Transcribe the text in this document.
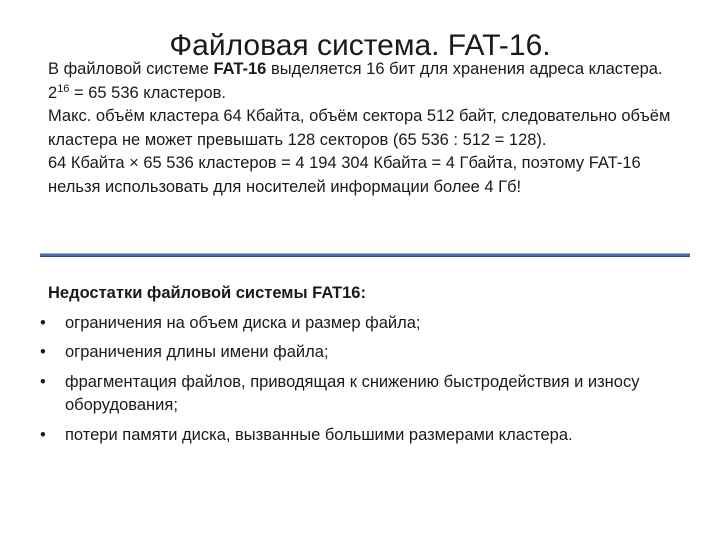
Файловая система. FAT-16.

В файловой системе FAT-16 выделяется 16 бит для хранения адреса кластера.

$2^{16} = 65$ 536 кластеров.

Макс. объём кластера 64 Кбайта, объём сектора 512 байт, следовательно объём кластера не может превышать 128 секторов (65 536 : 512 = 128).

64 Кбайта × 65 536 кластеров = 4 194 304 Кбайта = 4 Гбайта, поэтому FAT-16 нельзя использовать для носителей информации более 4 Гб!

Недостатки файловой системы FAT16:

•	ограничения на объем диска и размер файла;
•	ограничения длины имени файла;
•	фрагментация файлов, приводящая к снижению быстродействия и износу оборудования;
•	потери памяти диска, вызванные большими размерами кластера.
